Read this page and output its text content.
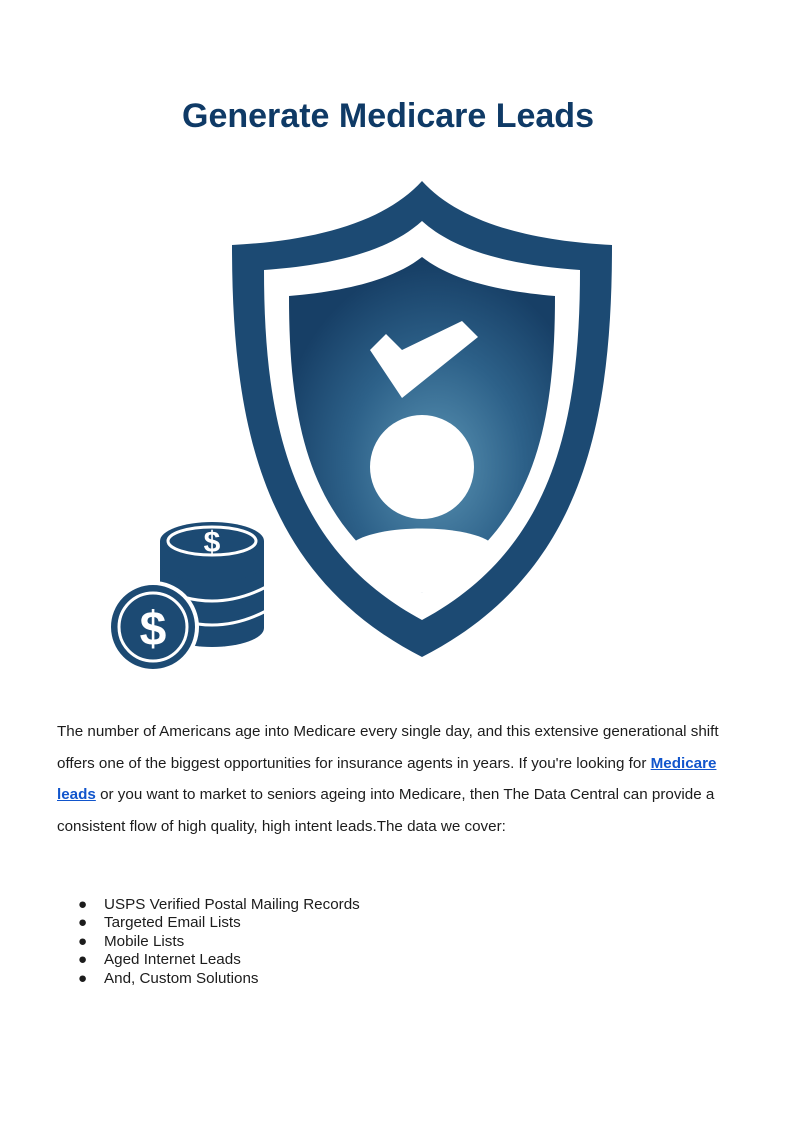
Generate Medicare Leads
$
$

The number of Americans age into Medicare every single day, and this extensive generational shift offers one of the biggest opportunities for insurance agents in years. If you're looking for Medicare leads or you want to market to seniors ageing into Medicare, then The Data Central can provide a consistent flow of high quality, high intent leads.The data we cover:

● USPS Verified Postal Mailing Records
● Targeted Email Lists
● Mobile Lists
● Aged Internet Leads
● And, Custom Solutions
